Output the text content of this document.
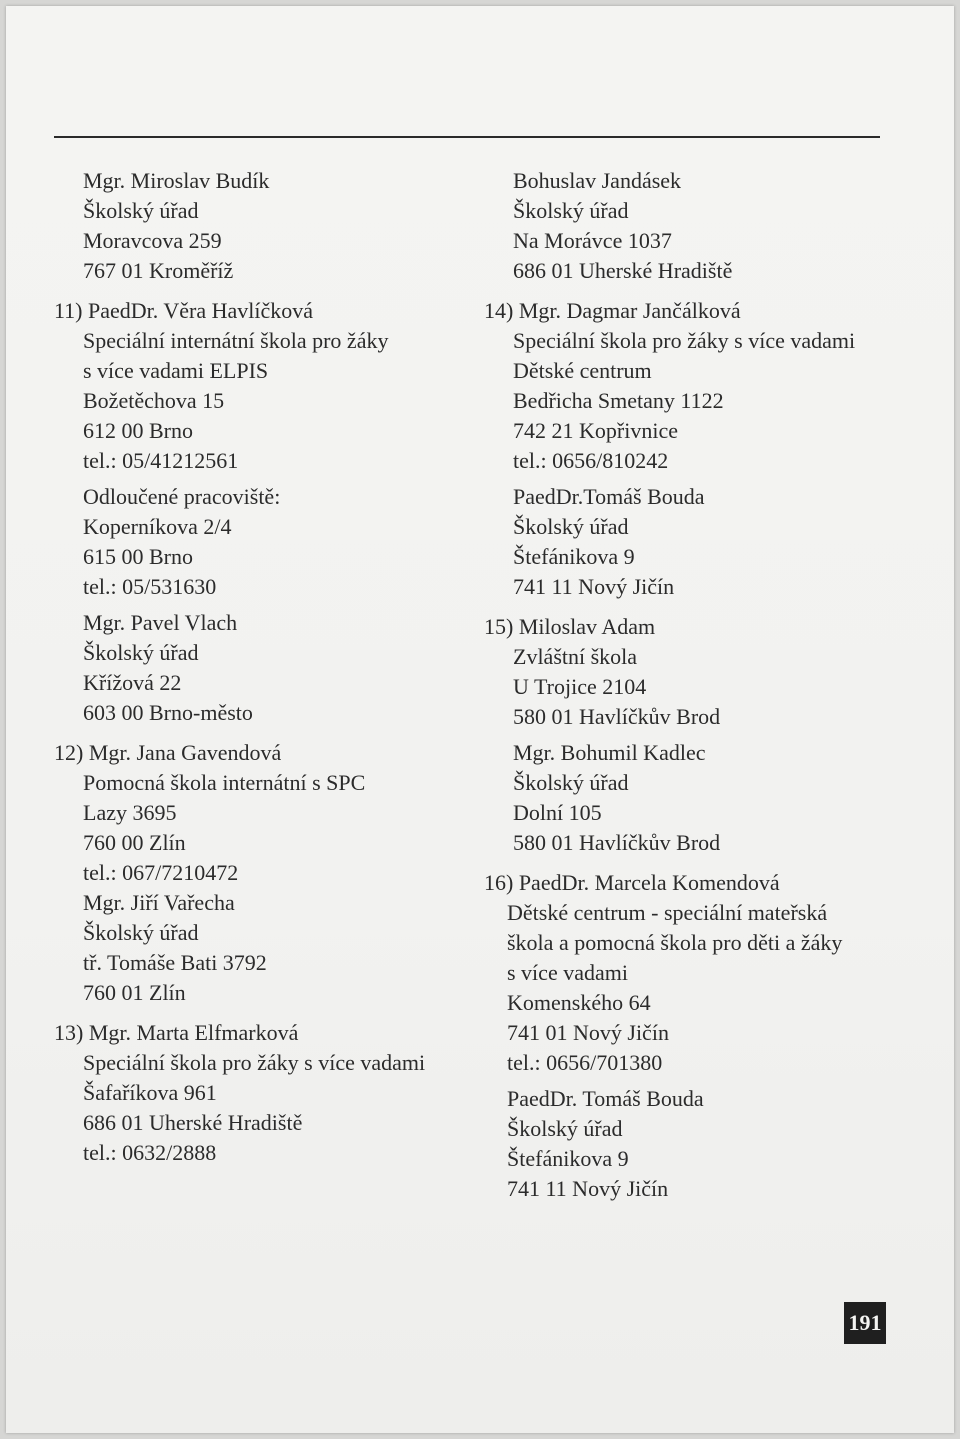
Mgr. Miroslav Budík
Školský úřad
Moravcova 259
767 01 Kroměříž
11) PaedDr. Věra Havlíčková
Speciální internátní škola pro žáky
s více vadami ELPIS
Božetěchova 15
612 00 Brno
tel.: 05/41212561
Odloučené pracoviště:
Koperníkova 2/4
615 00 Brno
tel.: 05/531630
Mgr. Pavel Vlach
Školský úřad
Křížová 22
603 00 Brno-město
12) Mgr. Jana Gavendová
Pomocná škola internátní s SPC
Lazy 3695
760 00 Zlín
tel.: 067/7210472
Mgr. Jiří Vařecha
Školský úřad
tř. Tomáše Bati 3792
760 01 Zlín
13) Mgr. Marta Elfmarková
Speciální škola pro žáky s více vadami
Šafaříkova 961
686 01 Uherské Hradiště
tel.: 0632/2888
Bohuslav Jandásek
Školský úřad
Na Morávce 1037
686 01 Uherské Hradiště
14) Mgr. Dagmar Jančálková
Speciální škola pro žáky s více vadami
Dětské centrum
Bedřicha Smetany 1122
742 21 Kopřivnice
tel.: 0656/810242
PaedDr.Tomáš Bouda
Školský úřad
Štefánikova 9
741 11 Nový Jičín
15) Miloslav Adam
Zvláštní škola
U Trojice 2104
580 01 Havlíčkův Brod
Mgr. Bohumil Kadlec
Školský úřad
Dolní 105
580 01 Havlíčkův Brod
16) PaedDr. Marcela Komendová
Dětské centrum - speciální mateřská
škola a pomocná škola pro děti a žáky
s více vadami
Komenského 64
741 01 Nový Jičín
tel.: 0656/701380
PaedDr. Tomáš Bouda
Školský úřad
Štefánikova 9
741 11 Nový Jičín
191
